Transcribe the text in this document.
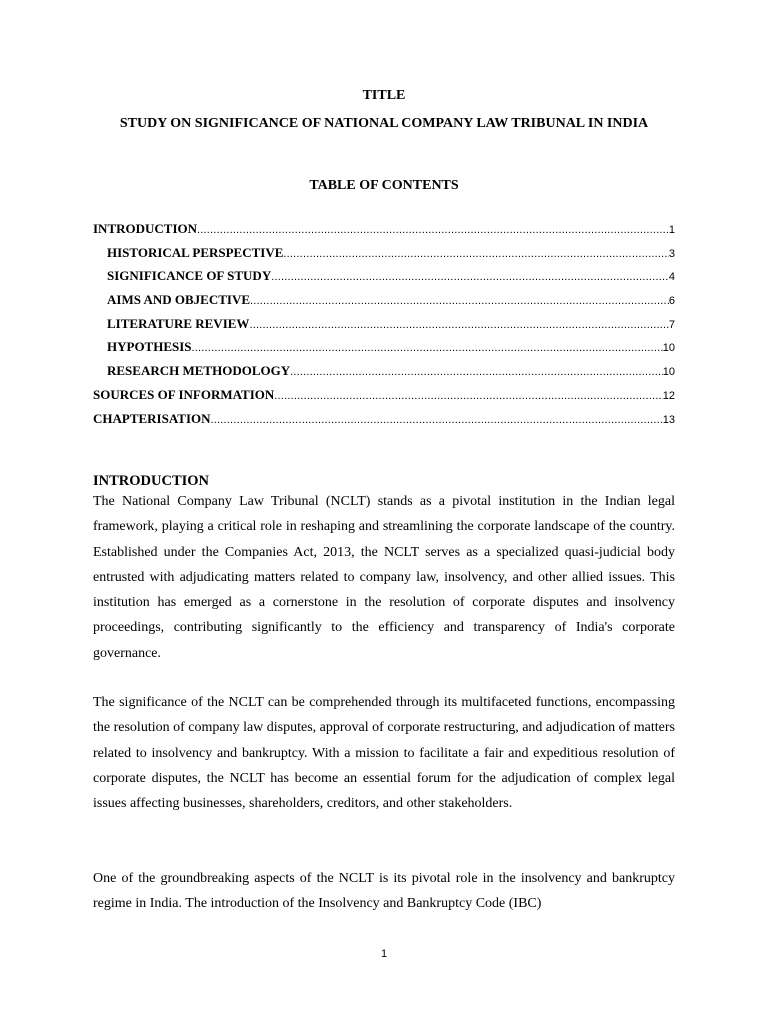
TITLE
STUDY ON SIGNIFICANCE OF NATIONAL COMPANY LAW TRIBUNAL IN INDIA
TABLE OF CONTENTS
INTRODUCTION .....	1
HISTORICAL PERSPECTIVE .....	3
SIGNIFICANCE OF STUDY .....	4
AIMS AND OBJECTIVE .....	6
LITERATURE REVIEW .....	7
HYPOTHESIS .....	10
RESEARCH METHODOLOGY .....	10
SOURCES OF INFORMATION .....	12
CHAPTERISATION .....	13
INTRODUCTION

The National Company Law Tribunal (NCLT) stands as a pivotal institution in the Indian legal framework, playing a critical role in reshaping and streamlining the corporate landscape of the country. Established under the Companies Act, 2013, the NCLT serves as a specialized quasi-judicial body entrusted with adjudicating matters related to company law, insolvency, and other allied issues. This institution has emerged as a cornerstone in the resolution of corporate disputes and insolvency proceedings, contributing significantly to the efficiency and transparency of India's corporate governance.

The significance of the NCLT can be comprehended through its multifaceted functions, encompassing the resolution of company law disputes, approval of corporate restructuring, and adjudication of matters related to insolvency and bankruptcy. With a mission to facilitate a fair and expeditious resolution of corporate disputes, the NCLT has become an essential forum for the adjudication of complex legal issues affecting businesses, shareholders, creditors, and other stakeholders.

One of the groundbreaking aspects of the NCLT is its pivotal role in the insolvency and bankruptcy regime in India. The introduction of the Insolvency and Bankruptcy Code (IBC)

1
